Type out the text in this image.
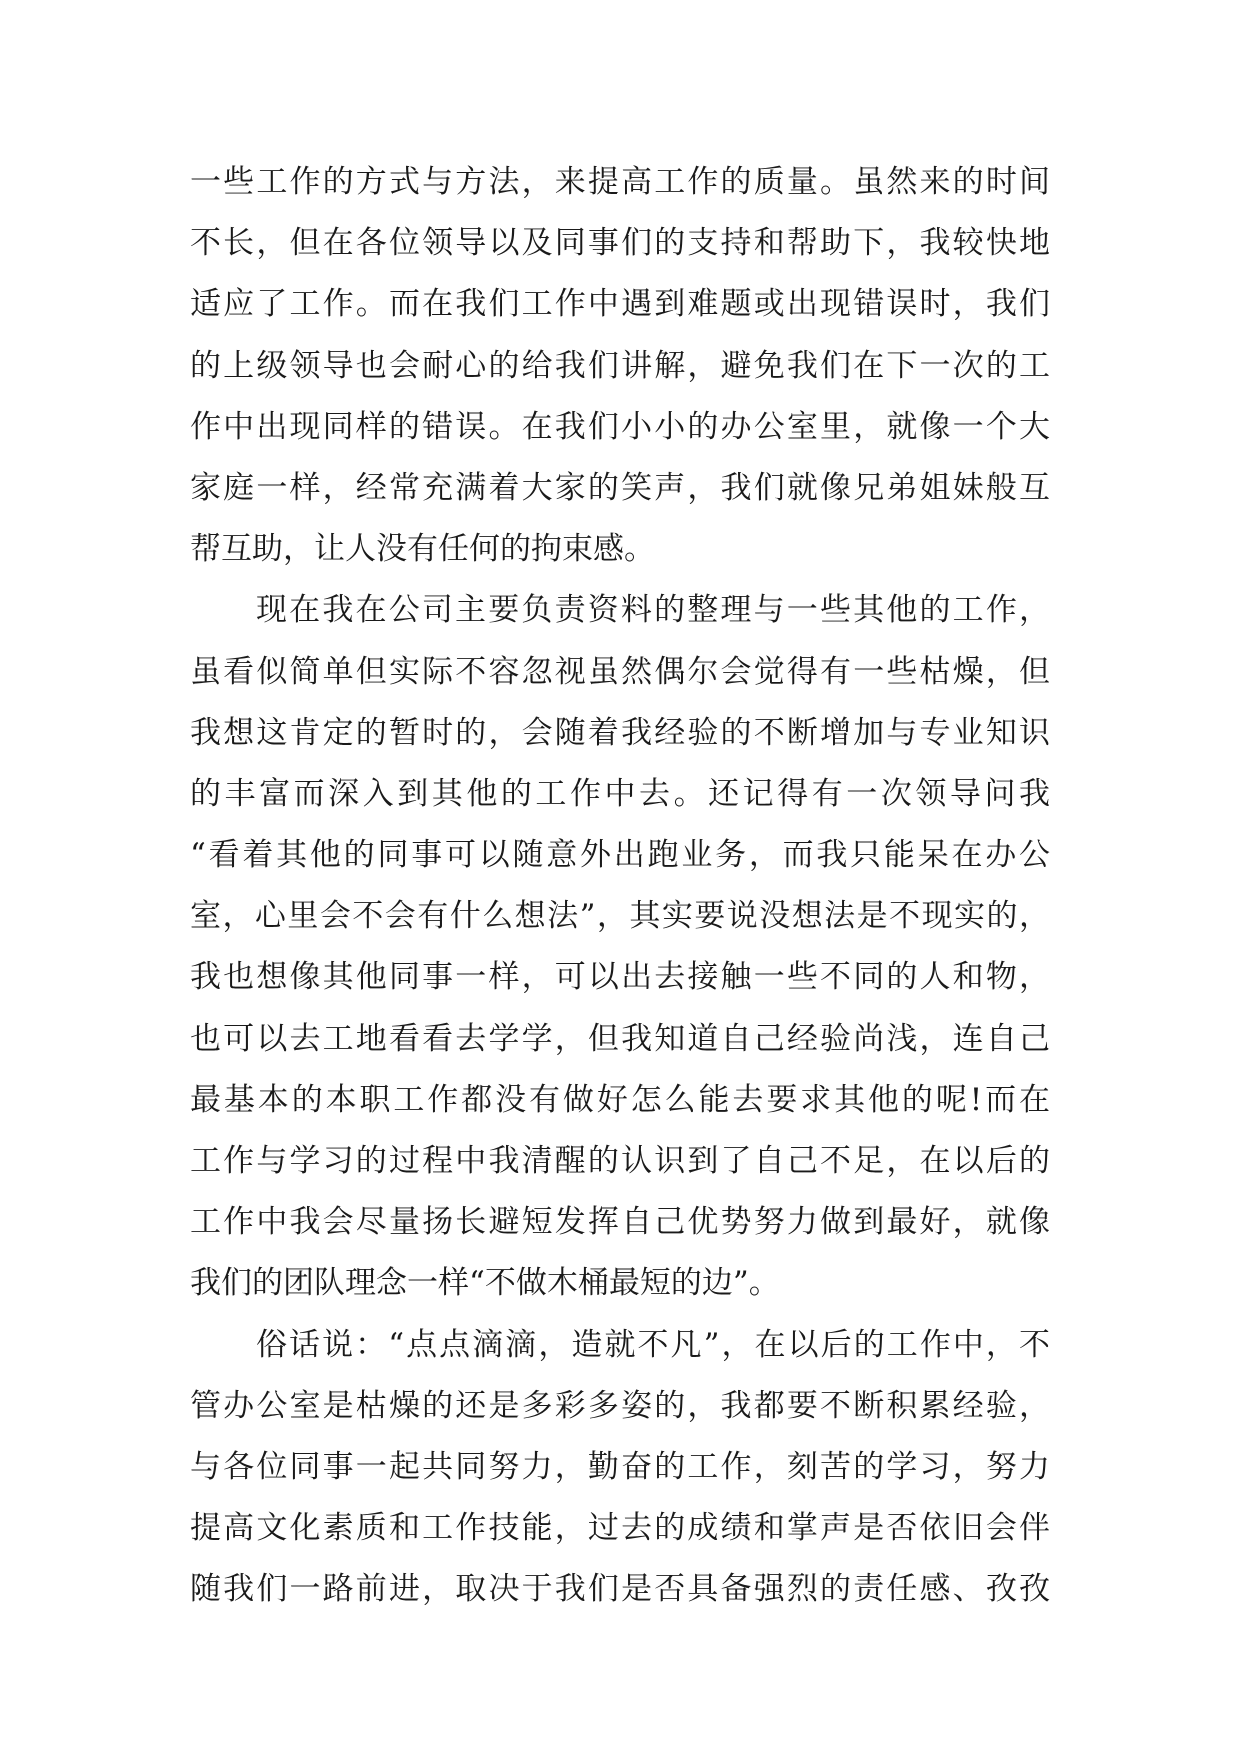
一些工作的方式与方法，来提高工作的质量。虽然来的时间
不长，但在各位领导以及同事们的支持和帮助下，我较快地
适应了工作。而在我们工作中遇到难题或出现错误时，我们
的上级领导也会耐心的给我们讲解，避免我们在下一次的工
作中出现同样的错误。在我们小小的办公室里，就像一个大
家庭一样，经常充满着大家的笑声，我们就像兄弟姐妹般互
帮互助，让人没有任何的拘束感。
现在我在公司主要负责资料的整理与一些其他的工作，
虽看似简单但实际不容忽视虽然偶尔会觉得有一些枯燥，但
我想这肯定的暂时的，会随着我经验的不断增加与专业知识
的丰富而深入到其他的工作中去。还记得有一次领导问我
“看着其他的同事可以随意外出跑业务，而我只能呆在办公
室，心里会不会有什么想法”，其实要说没想法是不现实的，
我也想像其他同事一样，可以出去接触一些不同的人和物，
也可以去工地看看去学学，但我知道自己经验尚浅，连自己
最基本的本职工作都没有做好怎么能去要求其他的呢!而在
工作与学习的过程中我清醒的认识到了自己不足，在以后的
工作中我会尽量扬长避短发挥自己优势努力做到最好，就像
我们的团队理念一样“不做木桶最短的边”。
俗话说：“点点滴滴，造就不凡”，在以后的工作中，不
管办公室是枯燥的还是多彩多姿的，我都要不断积累经验，
与各位同事一起共同努力，勤奋的工作，刻苦的学习，努力
提高文化素质和工作技能，过去的成绩和掌声是否依旧会伴
随我们一路前进，取决于我们是否具备强烈的责任感、孜孜
